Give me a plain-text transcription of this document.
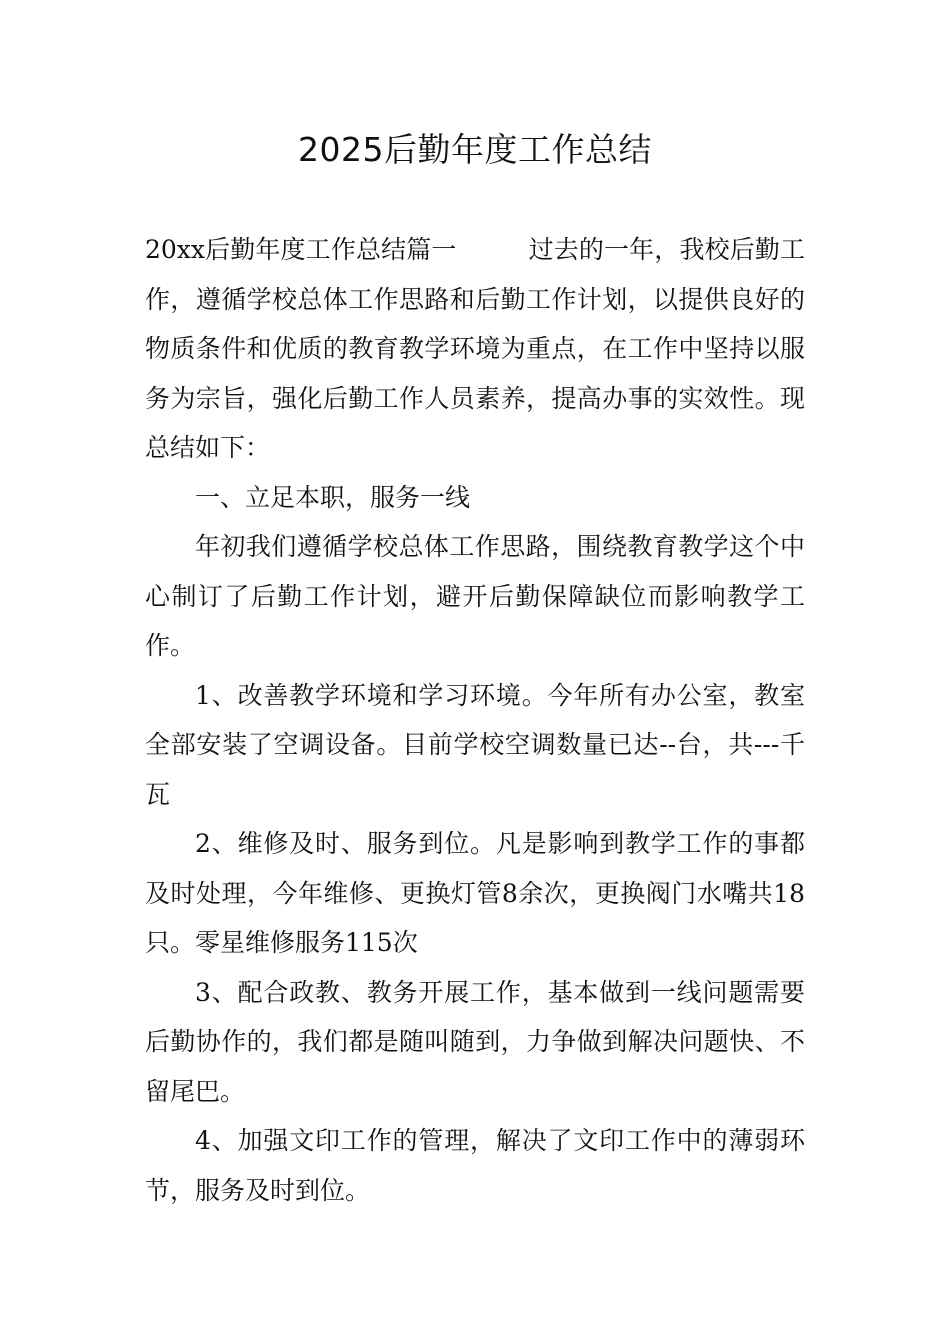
2025后勤年度工作总结

20xx后勤年度工作总结篇一	过去的一年，我校后勤工作，遵循学校总体工作思路和后勤工作计划，以提供良好的物质条件和优质的教育教学环境为重点，在工作中坚持以服务为宗旨，强化后勤工作人员素养，提高办事的实效性。现总结如下：

一、立足本职，服务一线

年初我们遵循学校总体工作思路，围绕教育教学这个中心制订了后勤工作计划，避开后勤保障缺位而影响教学工作。

1、改善教学环境和学习环境。今年所有办公室，教室全部安装了空调设备。目前学校空调数量已达--台，共---千瓦

2、维修及时、服务到位。凡是影响到教学工作的事都及时处理，今年维修、更换灯管8余次，更换阀门水嘴共18只。零星维修服务115次

3、配合政教、教务开展工作，基本做到一线问题需要后勤协作的，我们都是随叫随到，力争做到解决问题快、不留尾巴。

4、加强文印工作的管理，解决了文印工作中的薄弱环节，服务及时到位。
